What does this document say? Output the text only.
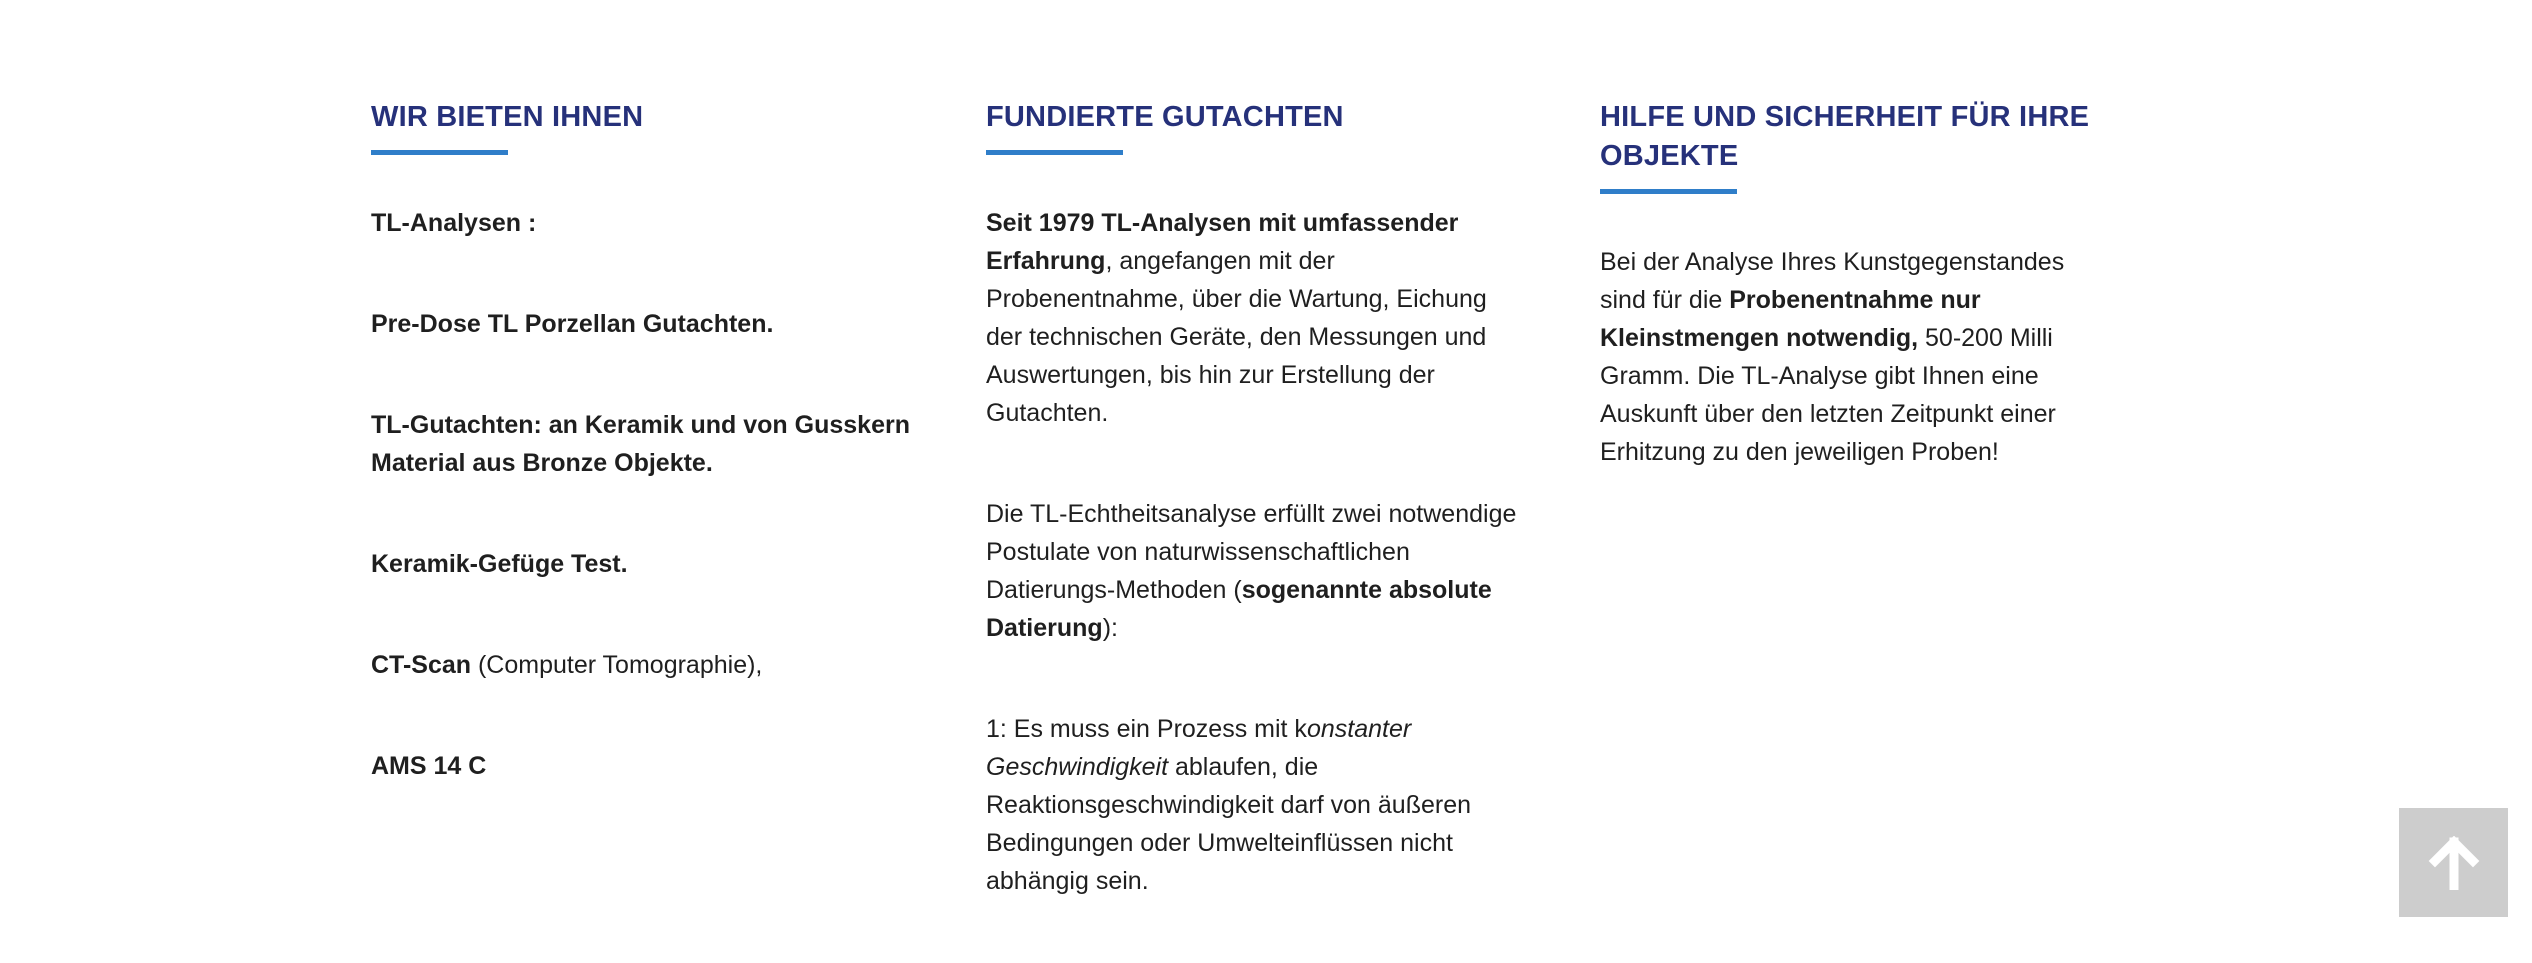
WIR BIETEN IHNEN
TL-Analysen :
Pre-Dose TL Porzellan Gutachten.
TL-Gutachten: an Keramik und von Gusskern Material aus Bronze Objekte.
Keramik-Gefüge Test.
CT-Scan (Computer Tomographie),
AMS 14 C
FUNDIERTE GUTACHTEN

Seit 1979 TL-Analysen mit umfassender Erfahrung, angefangen mit der Probenentnahme, über die Wartung, Eichung der technischen Geräte, den Messungen und Auswertungen, bis hin zur Erstellung der Gutachten.

Die TL-Echtheitsanalyse erfüllt zwei notwendige Postulate von naturwissenschaftlichen Datierungs-Methoden (sogenannte absolute Datierung):

1: Es muss ein Prozess mit konstanter Geschwindigkeit ablaufen, die Reaktionsgeschwindigkeit darf von äußeren Bedingungen oder Umwelteinflüssen nicht abhängig sein.

HILFE UND SICHERHEIT FÜR IHRE OBJEKTE

Bei der Analyse Ihres Kunstgegenstandes sind für die Probenentnahme nur Kleinstmengen notwendig, 50-200 Milli Gramm. Die TL-Analyse gibt Ihnen eine Auskunft über den letzten Zeitpunkt einer Erhitzung zu den jeweiligen Proben!
